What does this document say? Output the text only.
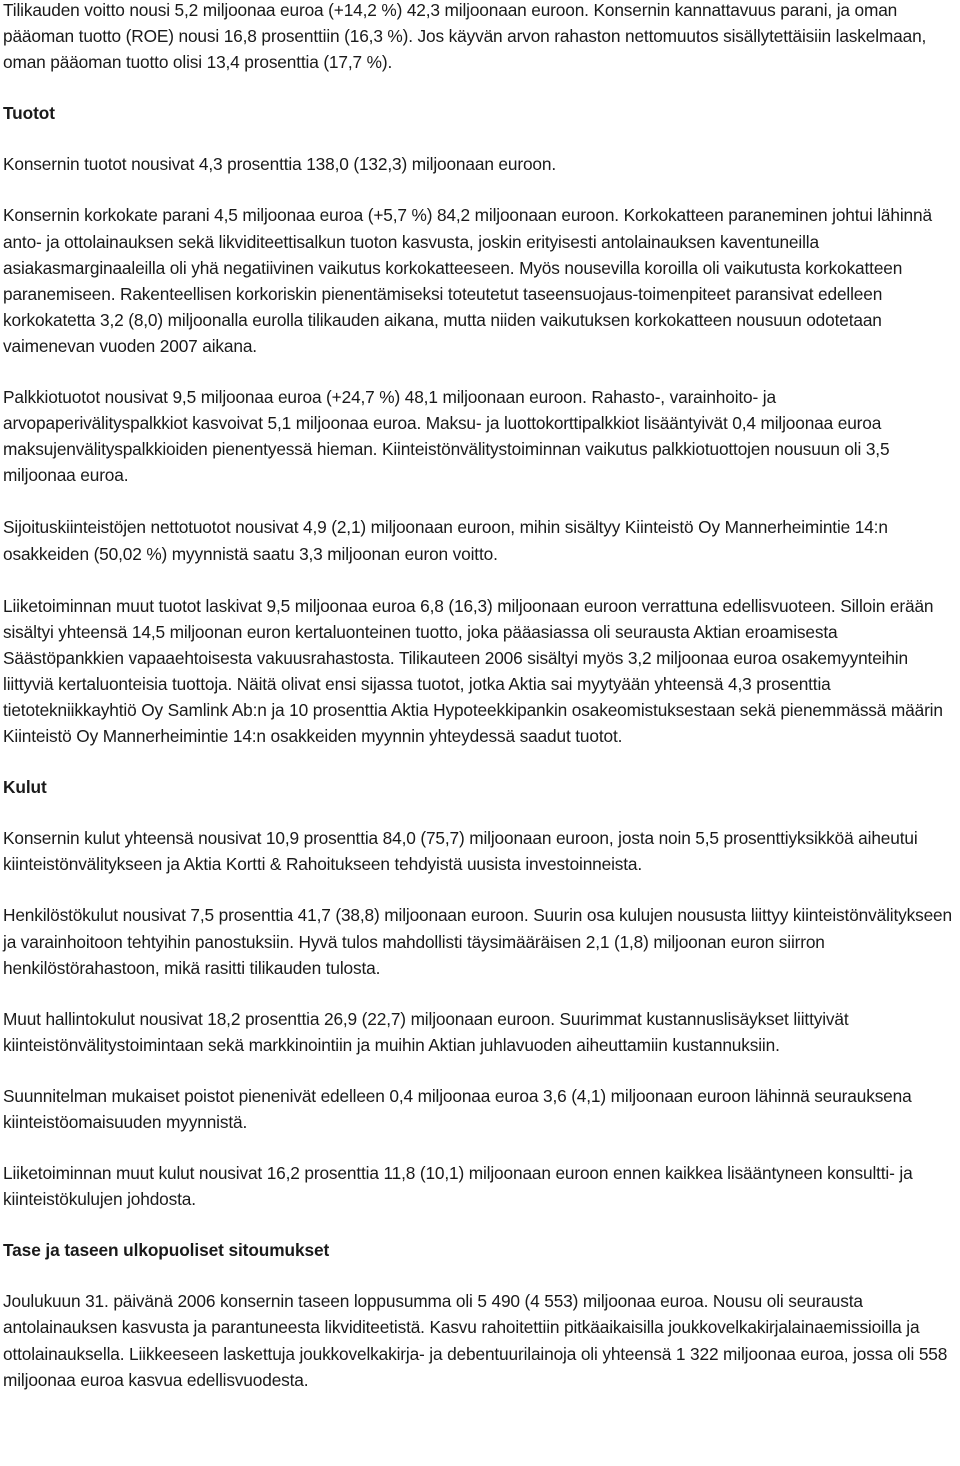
Tilikauden voitto nousi 5,2 miljoonaa euroa (+14,2 %) 42,3 miljoonaan euroon. Konsernin kannattavuus parani, ja oman pääoman tuotto (ROE) nousi 16,8 prosenttiin (16,3 %). Jos käyvän arvon rahaston nettomuutos sisällytettäisiin laskelmaan, oman pääoman tuotto olisi 13,4 prosenttia (17,7 %).

Tuotot

Konsernin tuotot nousivat 4,3 prosenttia 138,0 (132,3) miljoonaan euroon.

Konsernin korkokate parani 4,5 miljoonaa euroa (+5,7 %) 84,2 miljoonaan euroon. Korkokatteen paraneminen johtui lähinnä anto- ja ottolainauksen sekä likviditeettisalkun tuoton kasvusta, joskin erityisesti antolainauksen kaventuneilla asiakasmarginaaleilla oli yhä negatiivinen vaikutus korkokatteeseen. Myös nousevilla koroilla oli vaikutusta korkokatteen paranemiseen. Rakenteellisen korkoriskin pienentämiseksi toteutetut taseensuojaus-toimenpiteet paransivat edelleen korkokatetta 3,2 (8,0) miljoonalla eurolla tilikauden aikana, mutta niiden vaikutuksen korkokatteen nousuun odotetaan vaimenevan vuoden 2007 aikana.

Palkkiotuotot nousivat 9,5 miljoonaa euroa (+24,7 %) 48,1 miljoonaan euroon. Rahasto-, varainhoito- ja arvopaperivälityspalkkiot kasvoivat 5,1 miljoonaa euroa. Maksu- ja luottokorttipalkkiot lisääntyivät 0,4 miljoonaa euroa maksujenvälityspalkkioiden pienentyessä hieman. Kiinteistönvälitystoiminnan vaikutus palkkiotuottojen nousuun oli 3,5 miljoonaa euroa.

Sijoituskiinteistöjen nettotuotot nousivat 4,9 (2,1) miljoonaan euroon, mihin sisältyy Kiinteistö Oy Mannerheimintie 14:n osakkeiden (50,02 %) myynnistä saatu 3,3 miljoonan euron voitto.

Liiketoiminnan muut tuotot laskivat 9,5 miljoonaa euroa 6,8 (16,3) miljoonaan euroon verrattuna edellisvuoteen. Silloin erään sisältyi yhteensä 14,5 miljoonan euron kertaluonteinen tuotto, joka pääasiassa oli seurausta Aktian eroamisesta Säästöpankkien vapaaehtoisesta vakuusrahastosta. Tilikauteen 2006 sisältyi myös 3,2 miljoonaa euroa osakemyynteihin liittyviä kertaluonteisia tuottoja. Näitä olivat ensi sijassa tuotot, jotka Aktia sai myytyään yhteensä 4,3 prosenttia tietotekniikkayhtiö Oy Samlink Ab:n ja 10 prosenttia Aktia Hypoteekkipankin osakeomistuksestaan sekä pienemmässä määrin Kiinteistö Oy Mannerheimintie 14:n osakkeiden myynnin yhteydessä saadut tuotot.

Kulut

Konsernin kulut yhteensä nousivat 10,9 prosenttia 84,0 (75,7) miljoonaan euroon, josta noin 5,5 prosenttiyksikköä aiheutui kiinteistönvälitykseen ja Aktia Kortti & Rahoitukseen tehdyistä uusista investoinneista.

Henkilöstökulut nousivat 7,5 prosenttia 41,7 (38,8) miljoonaan euroon. Suurin osa kulujen noususta liittyy kiinteistönvälitykseen ja varainhoitoon tehtyihin panostuksiin. Hyvä tulos mahdollisti täysimääräisen 2,1 (1,8) miljoonan euron siirron henkilöstörahastoon, mikä rasitti tilikauden tulosta.

Muut hallintokulut nousivat 18,2 prosenttia 26,9 (22,7) miljoonaan euroon. Suurimmat kustannuslisäykset liittyivät kiinteistönvälitystoimintaan sekä markkinointiin ja muihin Aktian juhlavuoden aiheuttamiin kustannuksiin.

Suunnitelman mukaiset poistot pienenivät edelleen 0,4 miljoonaa euroa 3,6 (4,1) miljoonaan euroon lähinnä seurauksena kiinteistöomaisuuden myynnistä.

Liiketoiminnan muut kulut nousivat 16,2 prosenttia 11,8 (10,1) miljoonaan euroon ennen kaikkea lisääntyneen konsultti- ja kiinteistökulujen johdosta.

Tase ja taseen ulkopuoliset sitoumukset

Joulukuun 31. päivänä 2006 konsernin taseen loppusumma oli 5 490 (4 553) miljoonaa euroa. Nousu oli seurausta antolainauksen kasvusta ja parantuneesta likviditeetistä. Kasvu rahoitettiin pitkäaikaisilla joukkovelkakirjalainaemissioilla ja ottolainauksella. Liikkeeseen laskettuja joukkovelkakirja- ja debentuurilainoja oli yhteensä 1 322 miljoonaa euroa, jossa oli 558 miljoonaa euroa kasvua edellisvuodesta.
